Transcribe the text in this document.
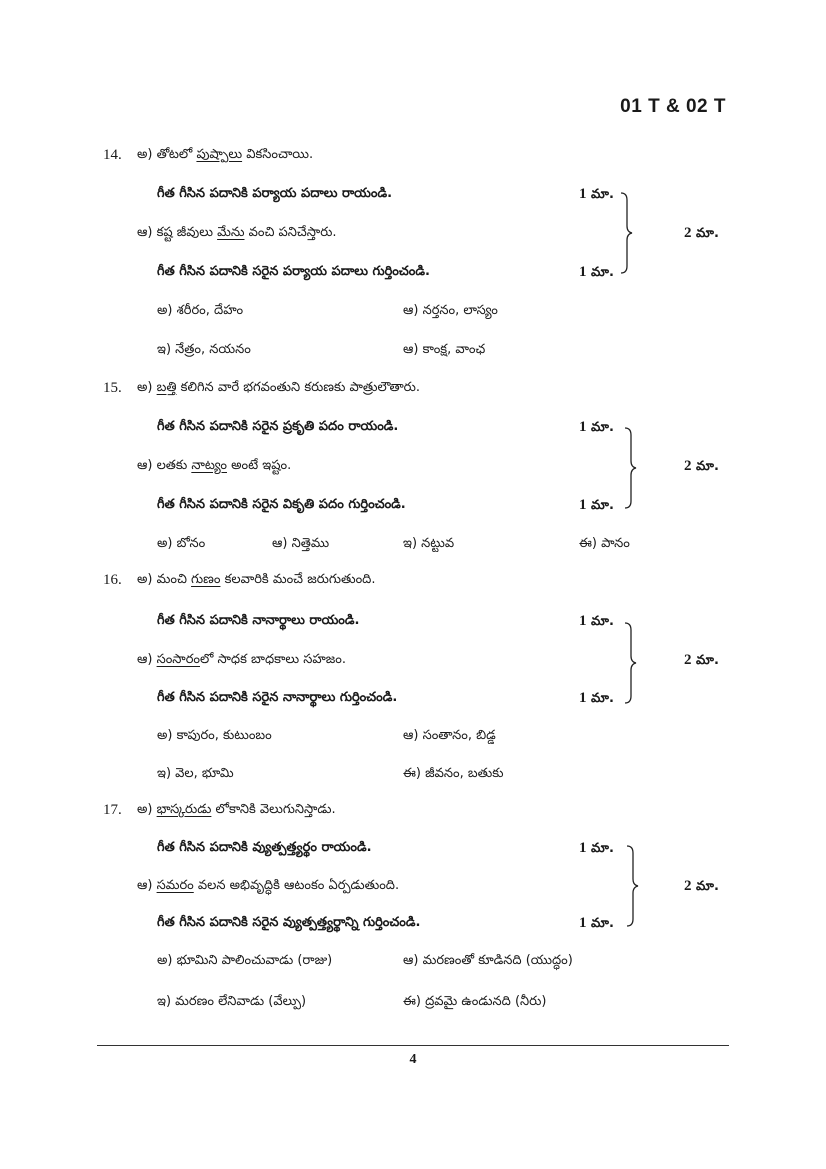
01 T & 02 T
14. అ) తోటలో పుష్పాలు వికసించాయి.
గీత గీసిన పదానికి పర్యాయ పదాలు రాయండి.	1 మా.
ఆ) కష్ట జీవులు మేను వంచి పనిచేస్తారు.
గీత గీసిన పదానికి సరైన పర్యాయ పదాలు గుర్తించండి.	1 మా.
2 మా.
అ) శరీరం, దేహం	ఆ) నర్తనం, లాస్యం
ఇ) నేత్రం, నయనం	ఆ) కాంక్ష, వాంఛ
15. అ) బత్తి కలిగిన వారే భగవంతుని కరుణకు పాత్రులౌతారు.
గీత గీసిన పదానికి సరైన ప్రకృతి పదం రాయండి.	1 మా.
ఆ) లతకు నాట్యం అంటే ఇష్టం.
గీత గీసిన పదానికి సరైన వికృతి పదం గుర్తించండి.	1 మా.
2 మా.
అ) బోనం	ఆ) నిత్తెము	ఇ) నట్టువ	ఈ) పానం
16. అ) మంచి గుణం కలవారికి మంచే జరుగుతుంది.
గీత గీసిన పదానికి నానార్థాలు రాయండి.	1 మా.
ఆ) సంసారంలో సాధక బాధకాలు సహజం.
గీత గీసిన పదానికి సరైన నానార్థాలు గుర్తించండి.	1 మా.
2 మా.
అ) కాపురం, కుటుంబం	ఆ) సంతానం, బిడ్డ
ఇ) వెల, భూమి	ఈ) జీవనం, బతుకు
17. అ) భాస్కరుడు లోకానికి వెలుగునిస్తాడు.
గీత గీసిన పదానికి వ్యుత్పత్త్యర్థం రాయండి.	1 మా.
ఆ) సమరం వలన అభివృద్ధికి ఆటంకం ఏర్పడుతుంది.
గీత గీసిన పదానికి సరైన వ్యుత్పత్త్యర్థాన్ని గుర్తించండి.	1 మా.
2 మా.
అ) భూమిని పాలించువాడు (రాజు)	ఆ) మరణంతో కూడినది (యుద్ధం)
ఇ) మరణం లేనివాడు (వేల్పు)	ఈ) ద్రవమై ఉండునది (నీరు)
4
